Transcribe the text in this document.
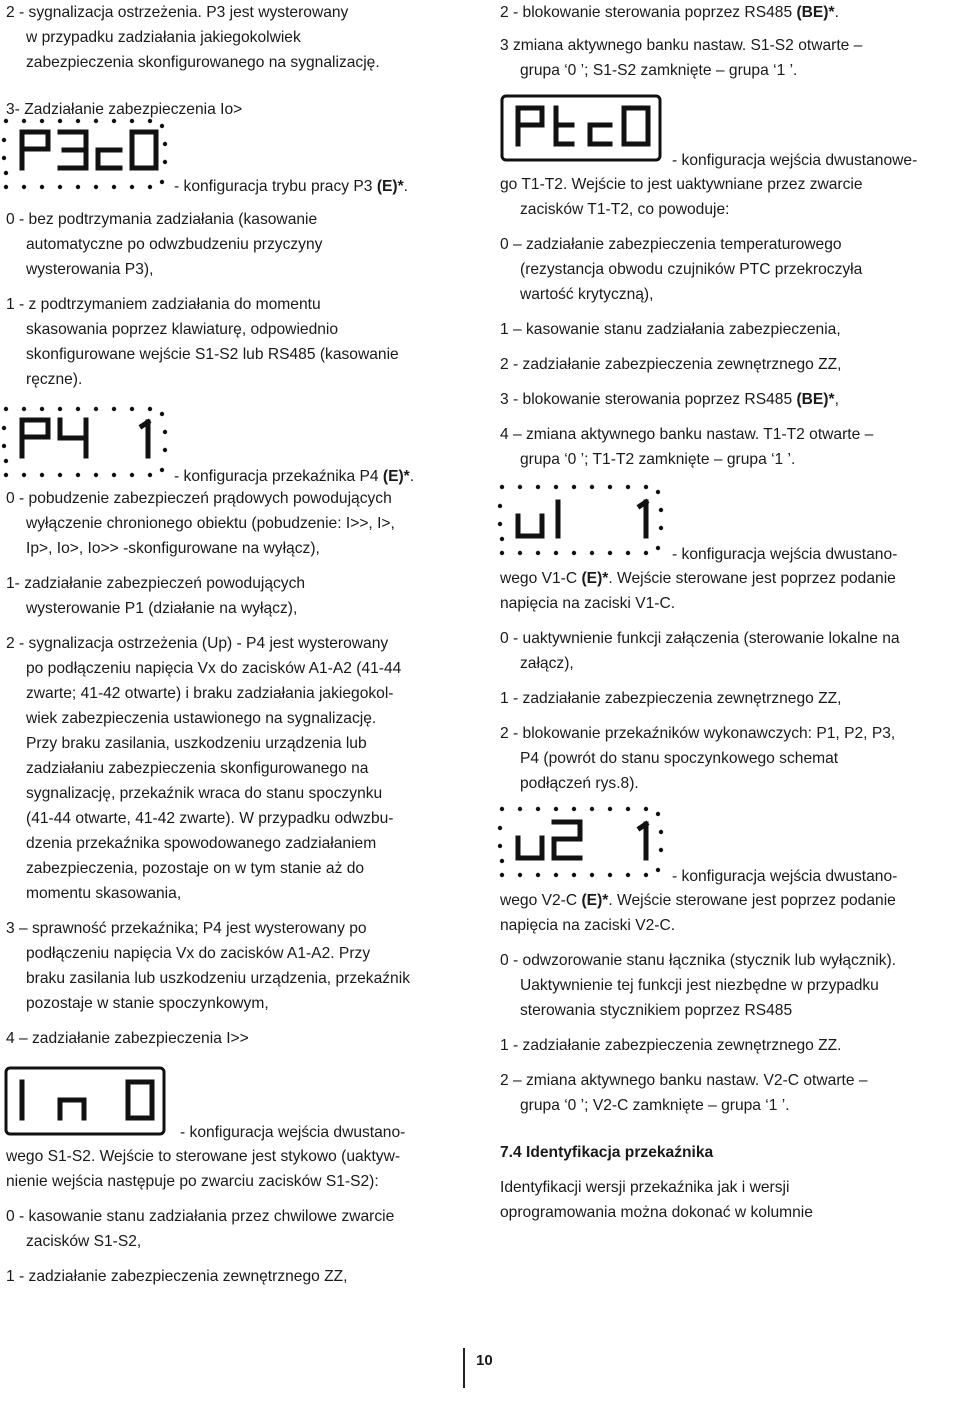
2 - sygnalizacja ostrzeżenia. P3 jest wysterowany

w przypadku zadziałania jakiegokolwiek

zabezpieczenia skonfigurowanego na sygnalizację.

3- Zadziałanie zabezpieczenia Io>

- konfiguracja trybu pracy P3 (E)*.

0 - bez podtrzymania zadziałania (kasowanie

automatyczne po odwzbudzeniu przyczyny

wysterowania P3),

1 - z podtrzymaniem zadziałania do momentu

skasowania poprzez klawiaturę, odpowiednio

skonfigurowane wejście S1-S2 lub RS485 (kasowanie

ręczne).

- konfiguracja przekaźnika P4 (E)*.

0 - pobudzenie zabezpieczeń prądowych powodujących

wyłączenie chronionego obiektu (pobudzenie: I>>, I>,

Ip>, Io>, Io>> -skonfigurowane na wyłącz),

1- zadziałanie zabezpieczeń powodujących

wysterowanie P1 (działanie na wyłącz),

2 - sygnalizacja ostrzeżenia (Up) - P4 jest wysterowany

po podłączeniu napięcia Vx do zacisków A1-A2 (41-44

zwarte; 41-42 otwarte) i braku zadziałania jakiegokol-

wiek zabezpieczenia ustawionego na sygnalizację.

Przy braku zasilania, uszkodzeniu urządzenia lub

zadziałaniu zabezpieczenia skonfigurowanego na

sygnalizację, przekaźnik wraca do stanu spoczynku

(41-44 otwarte, 41-42 zwarte). W przypadku odwzbu-

dzenia przekaźnika spowodowanego zadziałaniem

zabezpieczenia, pozostaje on w tym stanie aż do

momentu skasowania,

3 – sprawność przekaźnika; P4 jest wysterowany po

podłączeniu napięcia Vx do zacisków A1-A2. Przy

braku zasilania lub uszkodzeniu urządzenia, przekaźnik

pozostaje w stanie spoczynkowym,

4 – zadziałanie zabezpieczenia I>>

- konfiguracja wejścia dwustano-

wego S1-S2. Wejście to sterowane jest stykowo (uaktyw-

nienie wejścia następuje po zwarciu zacisków S1-S2):

0 - kasowanie stanu zadziałania przez chwilowe zwarcie

zacisków S1-S2,

1 - zadziałanie zabezpieczenia zewnętrznego ZZ,

2 - blokowanie sterowania poprzez RS485 (BE)*.

3 zmiana aktywnego banku nastaw. S1-S2 otwarte –

grupa ‘0 ’; S1-S2 zamknięte – grupa ‘1 ’.

- konfiguracja wejścia dwustanowe-

go T1-T2. Wejście to jest uaktywniane przez zwarcie

zacisków T1-T2, co powoduje:

0 – zadziałanie zabezpieczenia temperaturowego

(rezystancja obwodu czujników PTC przekroczyła

wartość krytyczną),

1 – kasowanie stanu zadziałania zabezpieczenia,

2 - zadziałanie zabezpieczenia zewnętrznego ZZ,

3 - blokowanie sterowania poprzez RS485 (BE)*,

4 – zmiana aktywnego banku nastaw. T1-T2 otwarte –

grupa ‘0 ’; T1-T2 zamknięte – grupa ‘1 ’.

- konfiguracja wejścia dwustano-

wego V1-C (E)*. Wejście sterowane jest poprzez podanie

napięcia na zaciski V1-C.

0 - uaktywnienie funkcji załączenia (sterowanie lokalne na

załącz),

1 - zadziałanie zabezpieczenia zewnętrznego ZZ,

2 - blokowanie przekaźników wykonawczych: P1, P2, P3,

P4 (powrót do stanu spoczynkowego schemat

podłączeń rys.8).

- konfiguracja wejścia dwustano-

wego V2-C (E)*. Wejście sterowane jest poprzez podanie

napięcia na zaciski V2-C.

0 - odwzorowanie stanu łącznika (stycznik lub wyłącznik).

Uaktywnienie tej funkcji jest niezbędne w przypadku

sterowania stycznikiem poprzez RS485

1 - zadziałanie zabezpieczenia zewnętrznego ZZ.

2 – zmiana aktywnego banku nastaw. V2-C otwarte –

grupa ‘0 ’; V2-C zamknięte – grupa ‘1 ’.

7.4 Identyfikacja przekaźnika

Identyfikacji wersji przekaźnika jak i wersji

oprogramowania można dokonać w kolumnie

10
